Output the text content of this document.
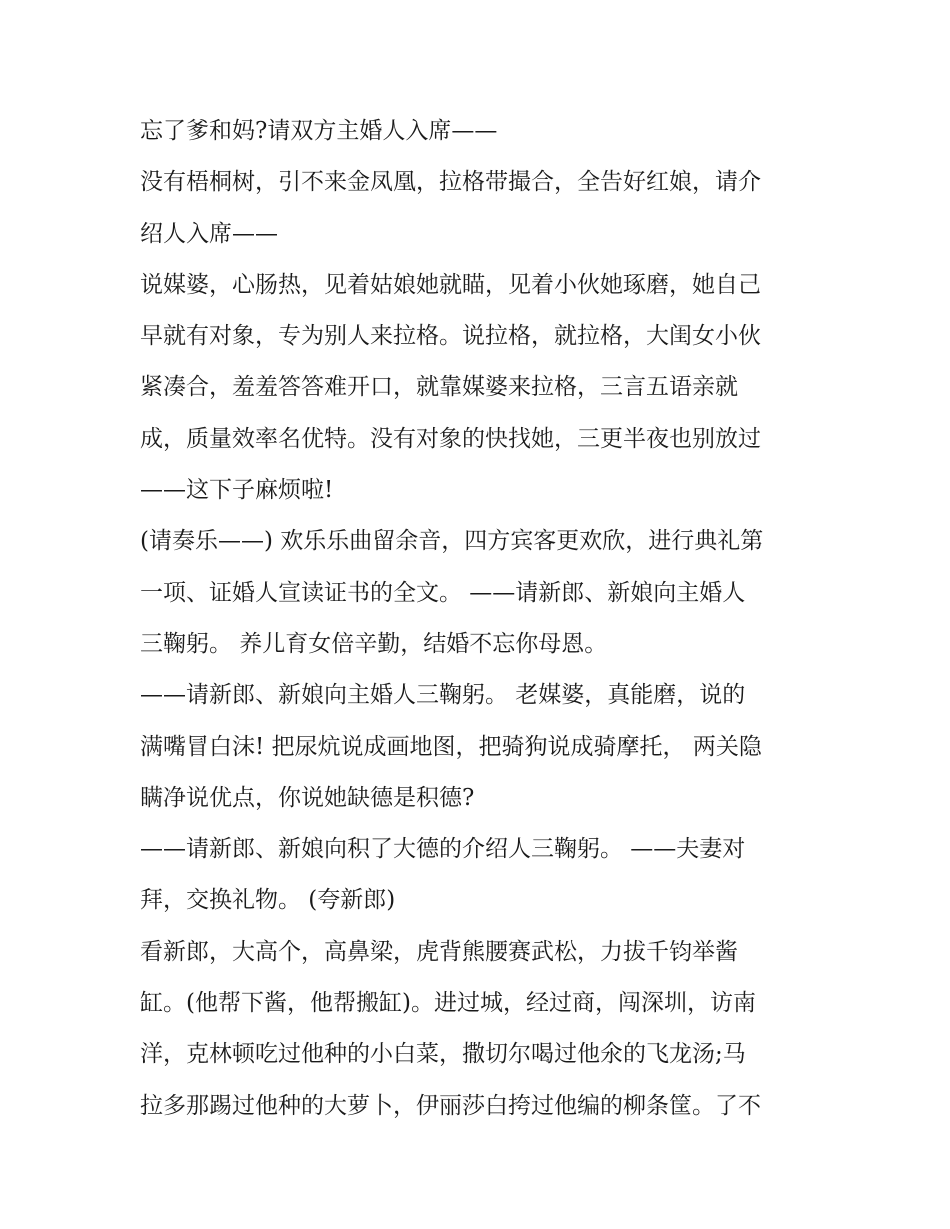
忘了爹和妈?请双方主婚人入席——
没有梧桐树，引不来金凤凰，拉格带撮合，全告好红娘，请介
绍人入席——
说媒婆，心肠热，见着姑娘她就瞄，见着小伙她琢磨，她自己
早就有对象，专为别人来拉格。说拉格，就拉格，大闺女小伙
紧凑合，羞羞答答难开口，就靠媒婆来拉格，三言五语亲就
成，质量效率名优特。没有对象的快找她，三更半夜也别放过
——这下子麻烦啦!
(请奏乐——) 欢乐乐曲留余音，四方宾客更欢欣，进行典礼第
一项、证婚人宣读证书的全文。 ——请新郎、新娘向主婚人
三鞠躬。 养儿育女倍辛勤，结婚不忘你母恩。
——请新郎、新娘向主婚人三鞠躬。 老媒婆，真能磨，说的
满嘴冒白沫! 把尿炕说成画地图，把骑狗说成骑摩托， 两关隐
瞒净说优点，你说她缺德是积德?
——请新郎、新娘向积了大德的介绍人三鞠躬。 ——夫妻对
拜，交换礼物。 (夸新郎)
看新郎，大高个，高鼻梁，虎背熊腰赛武松，力拔千钧举酱
缸。(他帮下酱，他帮搬缸)。进过城，经过商，闯深圳，访南
洋，克林顿吃过他种的小白菜，撒切尔喝过他氽的飞龙汤;马
拉多那踢过他种的大萝卜，伊丽莎白挎过他编的柳条筐。了不
